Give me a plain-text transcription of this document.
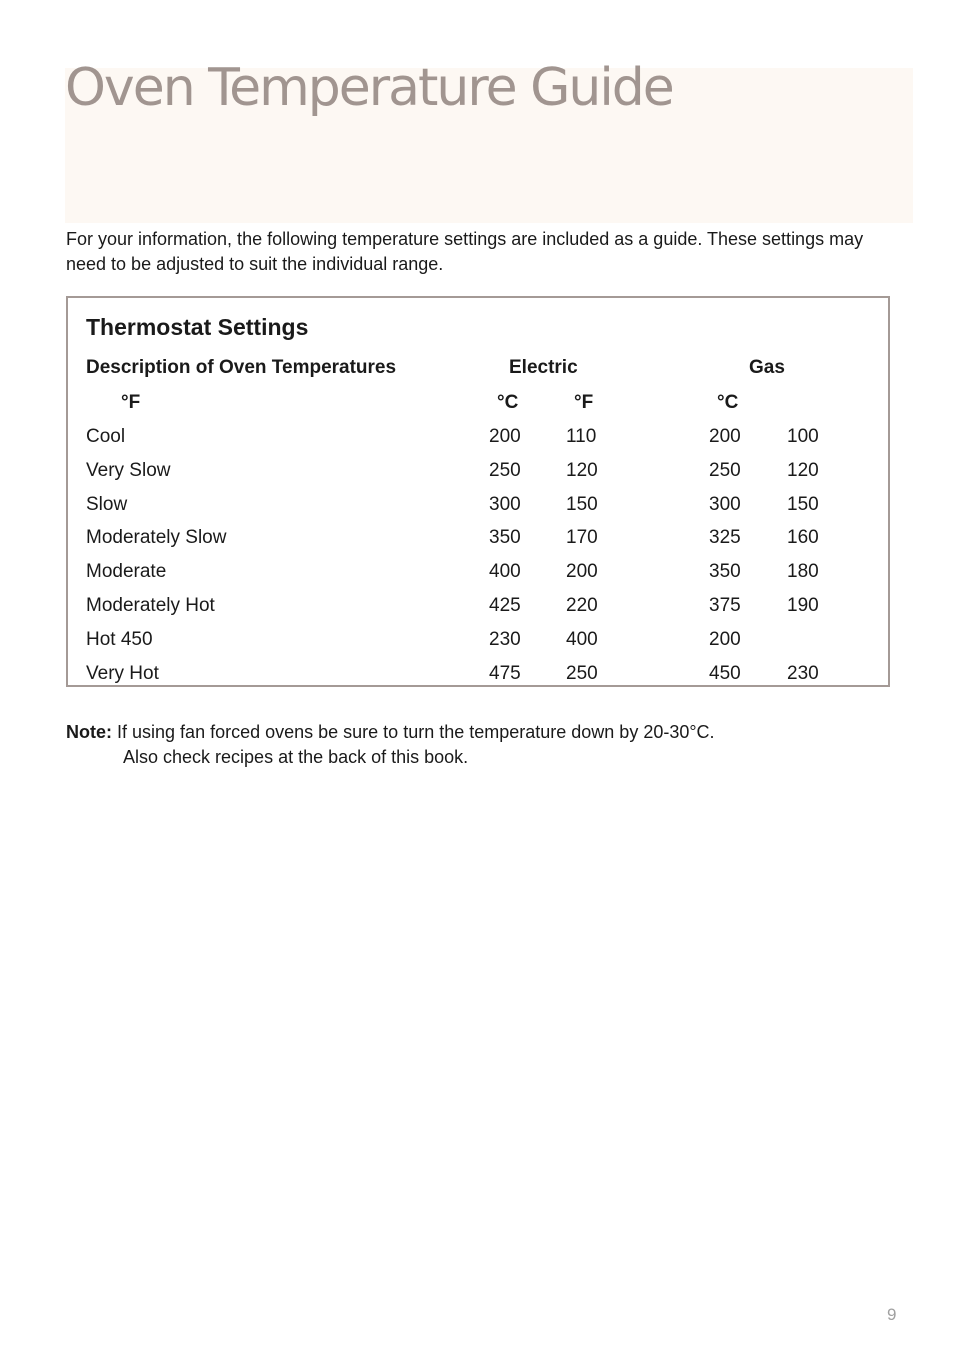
Oven Temperature Guide

For your information, the following temperature settings are included as a guide. These settings may need to be adjusted to suit the individual range.

Thermostat Settings
Description of Oven Temperatures	Electric	Gas
°F	°C	°F	°C
Cool	200 110	200 100
Very Slow	250 120	250 120
Slow	300 150	300 150
Moderately Slow	350 170	325 160
Moderate	400 200	350 180
Moderately Hot	425 220	375 190
Hot 450	230 400	200
Very Hot	475 250	450 230
Note: If using fan forced ovens be sure to turn the temperature down by 20-30°C.
Also check recipes at the back of this book.
9
